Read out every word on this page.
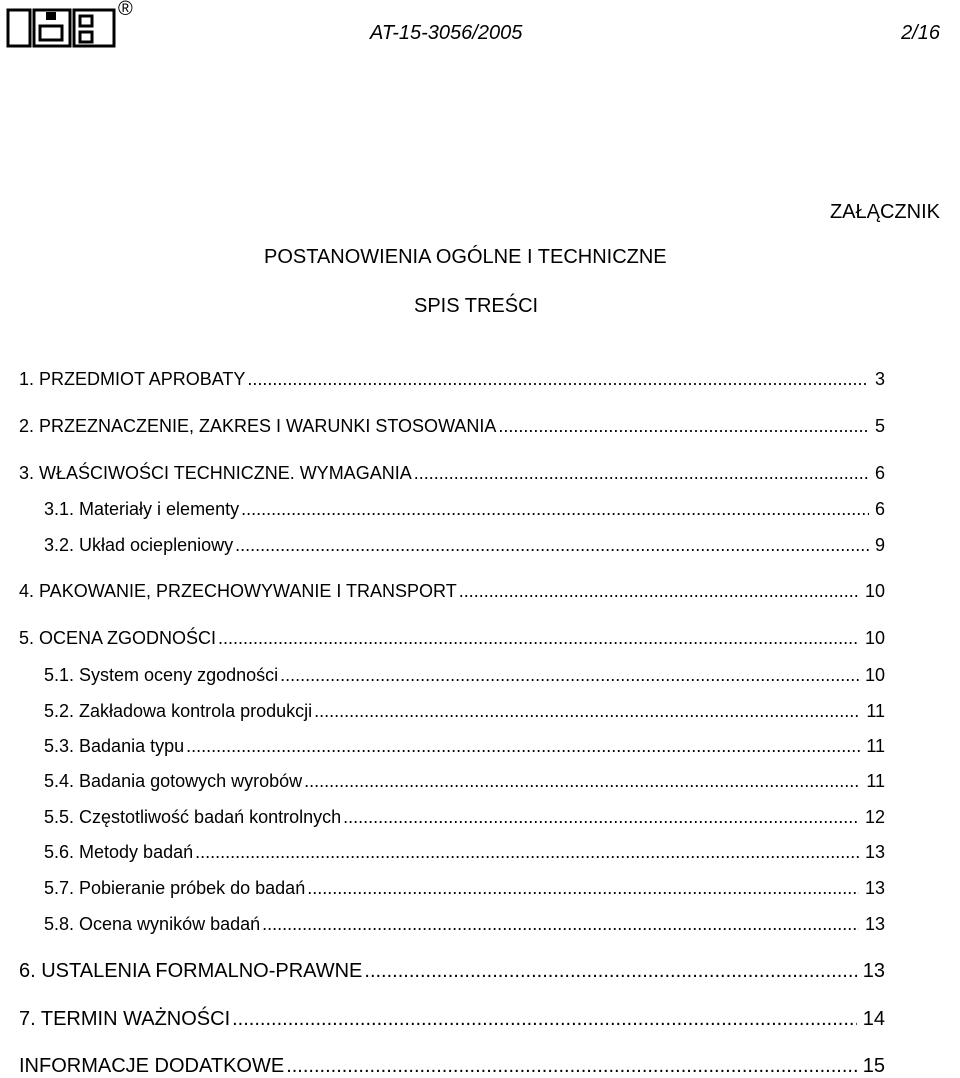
®
AT-15-3056/2005	2/16
ZAŁĄCZNIK
POSTANOWIENIA OGÓLNE I TECHNICZNE
SPIS TREŚCI
1. PRZEDMIOT APROBATY .....	3
2. PRZEZNACZENIE, ZAKRES I WARUNKI STOSOWANIA .....	5
3. WŁAŚCIWOŚCI TECHNICZNE. WYMAGANIA .....	6
3.1. Materiały i elementy .....	6
3.2. Układ ociepleniowy .....	9
4. PAKOWANIE, PRZECHOWYWANIE I TRANSPORT .....	10
5. OCENA ZGODNOŚCI .....	10
5.1. System oceny zgodności .....	10
5.2. Zakładowa kontrola produkcji .....	11
5.3. Badania typu .....	11
5.4. Badania gotowych wyrobów .....	11
5.5. Częstotliwość badań kontrolnych .....	12
5.6. Metody badań .....	13
5.7. Pobieranie próbek do badań .....	13
5.8. Ocena wyników badań .....	13
6. USTALENIA FORMALNO-PRAWNE .....	13
7. TERMIN WAŻNOŚCI .....	14
INFORMACJE DODATKOWE .....	15
